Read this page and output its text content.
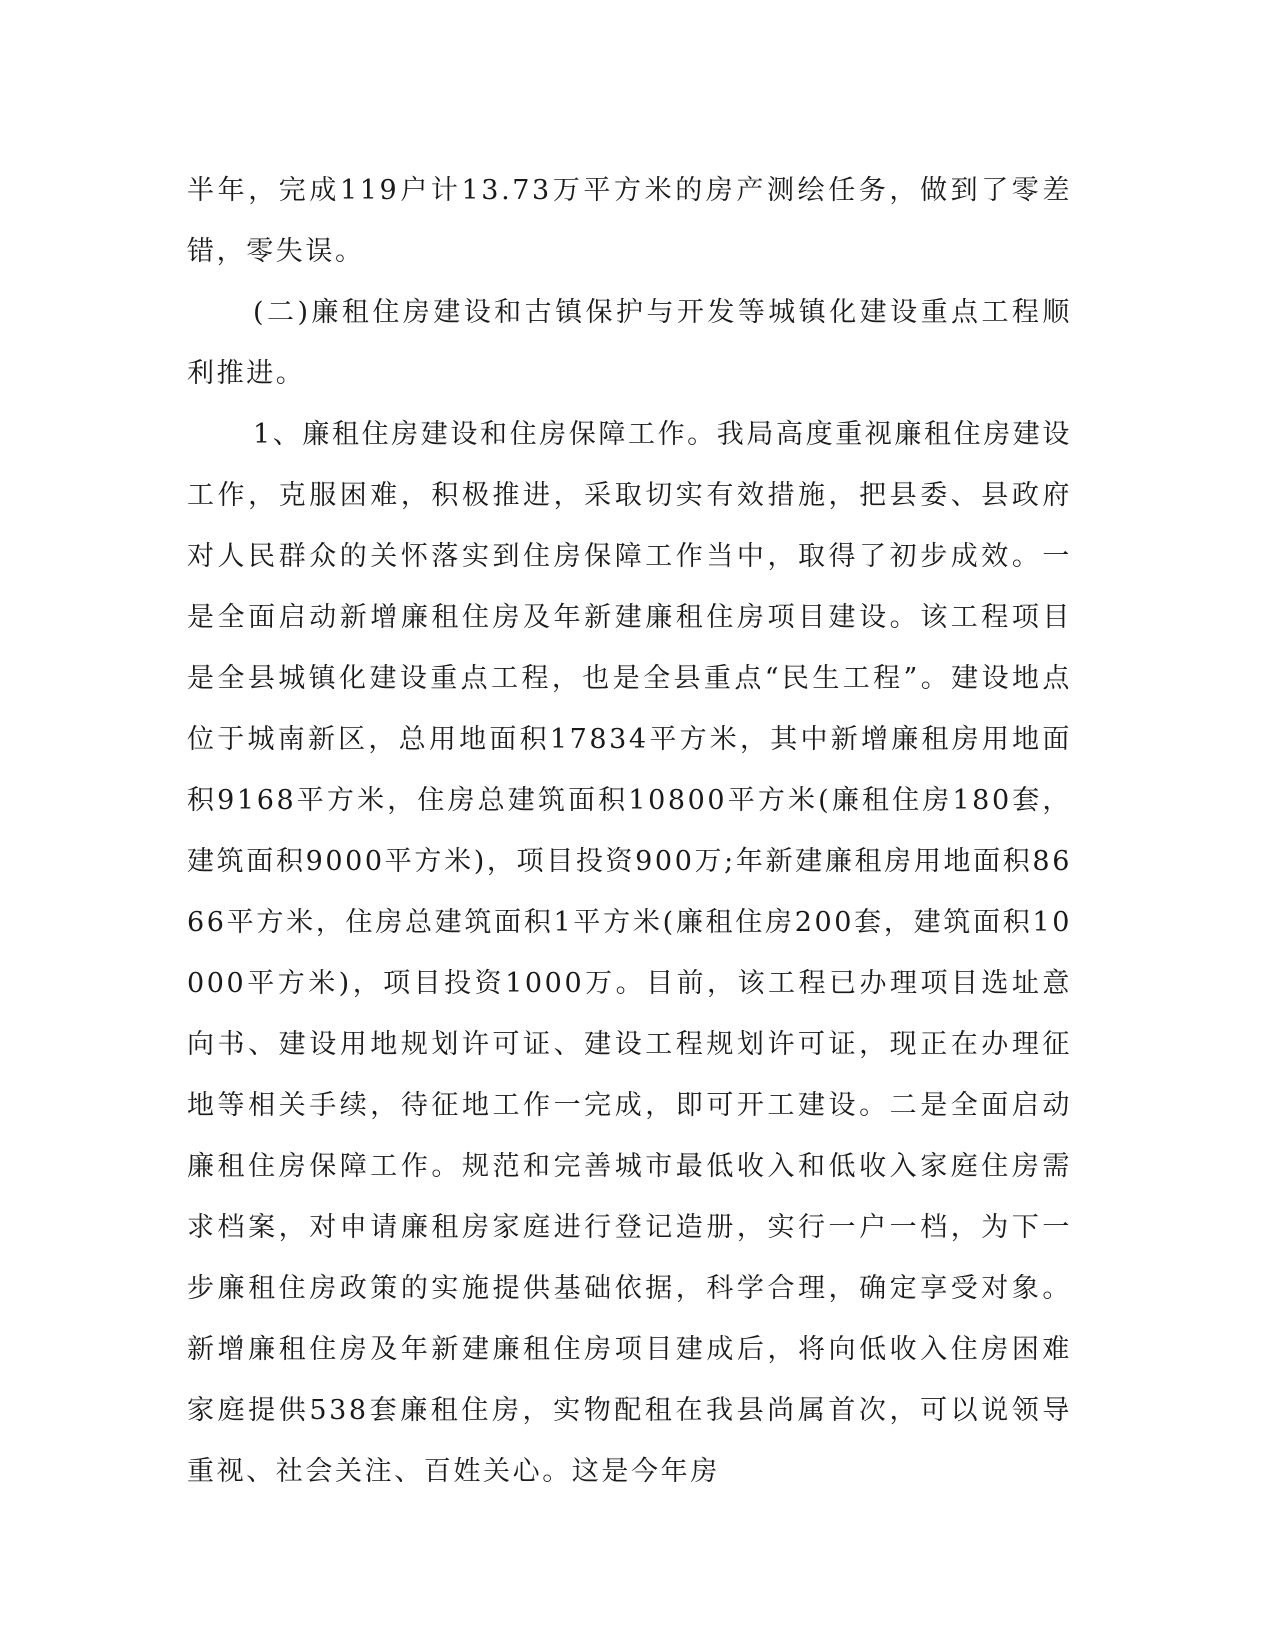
半年，完成119户计13.73万平方米的房产测绘任务，做到了零差错，零失误。

(二)廉租住房建设和古镇保护与开发等城镇化建设重点工程顺利推进。

1、廉租住房建设和住房保障工作。我局高度重视廉租住房建设工作，克服困难，积极推进，采取切实有效措施，把县委、县政府对人民群众的关怀落实到住房保障工作当中，取得了初步成效。一是全面启动新增廉租住房及年新建廉租住房项目建设。该工程项目是全县城镇化建设重点工程，也是全县重点“民生工程”。建设地点位于城南新区，总用地面积17834平方米，其中新增廉租房用地面积9168平方米，住房总建筑面积10800平方米(廉租住房180套，建筑面积9000平方米)，项目投资900万;年新建廉租房用地面积8666平方米，住房总建筑面积1平方米(廉租住房200套，建筑面积10000平方米)，项目投资1000万。目前，该工程已办理项目选址意向书、建设用地规划许可证、建设工程规划许可证，现正在办理征地等相关手续，待征地工作一完成，即可开工建设。二是全面启动廉租住房保障工作。规范和完善城市最低收入和低收入家庭住房需求档案，对申请廉租房家庭进行登记造册，实行一户一档，为下一步廉租住房政策的实施提供基础依据，科学合理，确定享受对象。新增廉租住房及年新建廉租住房项目建成后，将向低收入住房困难家庭提供538套廉租住房，实物配租在我县尚属首次，可以说领导重视、社会关注、百姓关心。这是今年房
